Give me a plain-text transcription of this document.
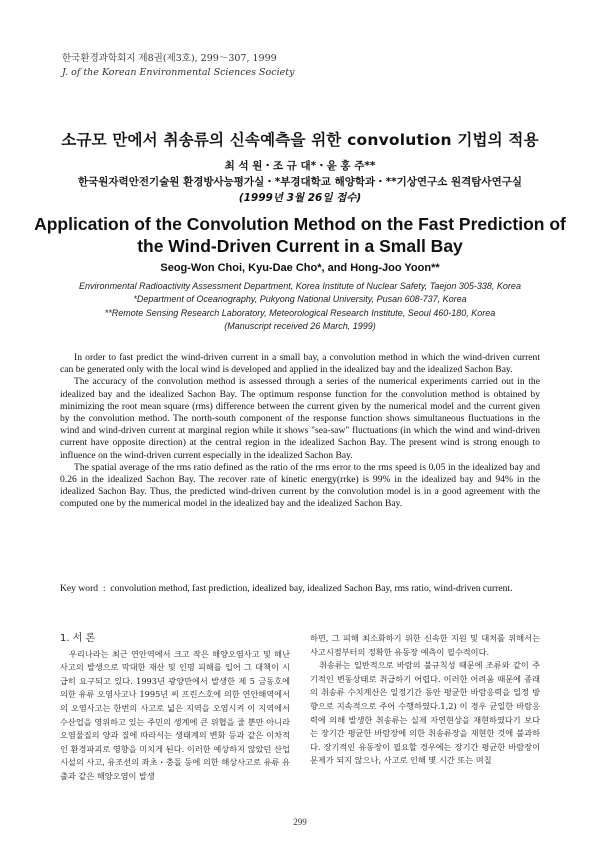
한국환경과학회지 제8권(제3호), 299～307, 1999
J. of the Korean Environmental Sciences Society
소규모 만에서 취송류의 신속예측을 위한 convolution 기법의 적용
최 석 원・조 규 대*・윤 홍 주**
한국원자력안전기술원 환경방사능평가실・*부경대학교 해양학과・**기상연구소 원격탐사연구실
(1999년 3월 26일 접수)
Application of the Convolution Method on the Fast Prediction of
the Wind-Driven Current in a Small Bay
Seog-Won Choi, Kyu-Dae Cho*, and Hong-Joo Yoon**
Environmental Radioactivity Assessment Department, Korea Institute of Nuclear Safety, Taejon 305-338, Korea
*Department of Oceanography, Pukyong National University, Pusan 608-737, Korea
**Remote Sensing Research Laboratory, Meteorological Research Institute, Seoul 460-180, Korea
(Manuscript received 26 March, 1999)

In order to fast predict the wind-driven current in a small bay, a convolution method in which the wind-driven current can be generated only with the local wind is developed and applied in the idealized bay and the idealized Sachon Bay.

The accuracy of the convolution method is assessed through a series of the numerical experiments carried out in the idealized bay and the idealized Sachon Bay. The optimum response function for the convolution method is obtained by minimizing the root mean square (rms) difference between the current given by the numerical model and the current given by the convolution method. The north-south component of the response function shows simultaneous fluctuations in the wind and wind-driven current at marginal region while it shows "sea-saw" fluctuations (in which the wind and wind-driven current have opposite direction) at the central region in the idealized Sachon Bay. The present wind is strong enough to influence on the wind-driven current especially in the idealized Sachon Bay.

The spatial average of the rms ratio defined as the ratio of the rms error to the rms speed is 0.05 in the idealized bay and 0.26 in the idealized Sachon Bay. The recover rate of kinetic energy(rrke) is 99% in the idealized bay and 94% in the idealized Sachon Bay. Thus, the predicted wind-driven current by the convolution model is in a good agreement with the computed one by the numerical model in the idealized bay and the idealized Sachon Bay.

Key word  : convolution method, fast prediction, idealized bay, idealized Sachon Bay, rms ratio, wind-driven current.
1. 서 론

우리나라는 최근 연안역에서 크고 작은 해양오염사고 및 해난사고의 발생으로 막대한 재산 및 인명 피해를 입어 그 대책이 시급히 요구되고 있다. 1993년 광양만에서 발생한 제 5 금동호에 의한 유류 오염사고나 1995년 씨 프린스호에 의한 연안해역에서의 오염사고는 한번의 사고로 넓은 지역을 오염시켜 이 지역에서 수산업을 영위하고 있는 주민의 생계에 큰 위협을 줄 뿐만 아니라 오염물질의 양과 질에 따라서는 생태계의 변화 등과 같은 이차적인 환경파괴로 영향을 미치게 된다. 이러한 예상하지 않았던 산업시설의 사고, 유조선의 좌초・충돌 등에 의한 해상사고로 유류 유출과 같은 해양오염이 발생

하면, 그 피해 최소화하기 위한 신속한 지원 및 대처를 위해서는 사고시점부터의 정확한 유동장 예측이 필수적이다.

취송류는 일반적으로 바람의 불규칙성 때문에 조류와 같이 주기적인 변동상태로 취급하기 어렵다. 이러한 어려움 때문에 종래의 취송류 수치계산은 일정기간 동안 평균한 바람응력을 일정 방향으로 지속적으로 주어 수행하였다.1,2) 이 경우 균일한 바람응력에 의해 발생한 취송류는 실제 자연현상을 재현하였다기 보다는 장기간 평균한 바람장에 의한 취송류장을 재현한 것에 불과하다. 장기적인 유동장이 필요할 경우에는 장기간 평균한 바람장이 문제가 되지 않으나, 사고로 인해 몇 시간 또는 며칠

299
